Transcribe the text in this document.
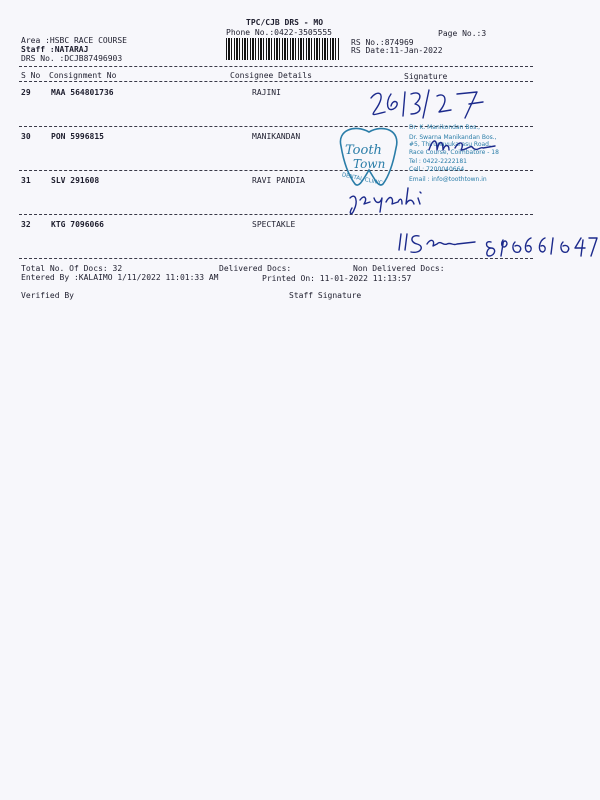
TPC/CJB DRS - MO
Phone No.:0422-3505555	Page No.:3
Area :HSBC RACE COURSE
Staff :NATARAJ
DRS No. :DCJB87496903
RS No.:874969
RS Date:11-Jan-2022
S No Consignment No	Consignee Details	Signature
29	MAA 564801736	RAJINI
30	PON 5996815	MANIKANDAN
31	SLV 291608	RAVI PANDIA
32	KTG 7096066	SPECTAKLE
Total No. Of Docs: 32	Delivered Docs:	Non Delivered Docs:
Entered By :KALAIMO 1/11/2022 11:01:33 AM	Printed On: 11-01-2022 11:13:57
Verified By	Staff Signature
Tooth
Town
DENTAL CLINIC
Dr. K. Manikondan Bos.,
Dr. Swarna Manikandan Bos.,
#5, Thirunavukarasu Road,
Race Course, Coimbatore - 18
Tel : 0422-2222181
Cell : 7200040664
Email : info@toothtown.in
